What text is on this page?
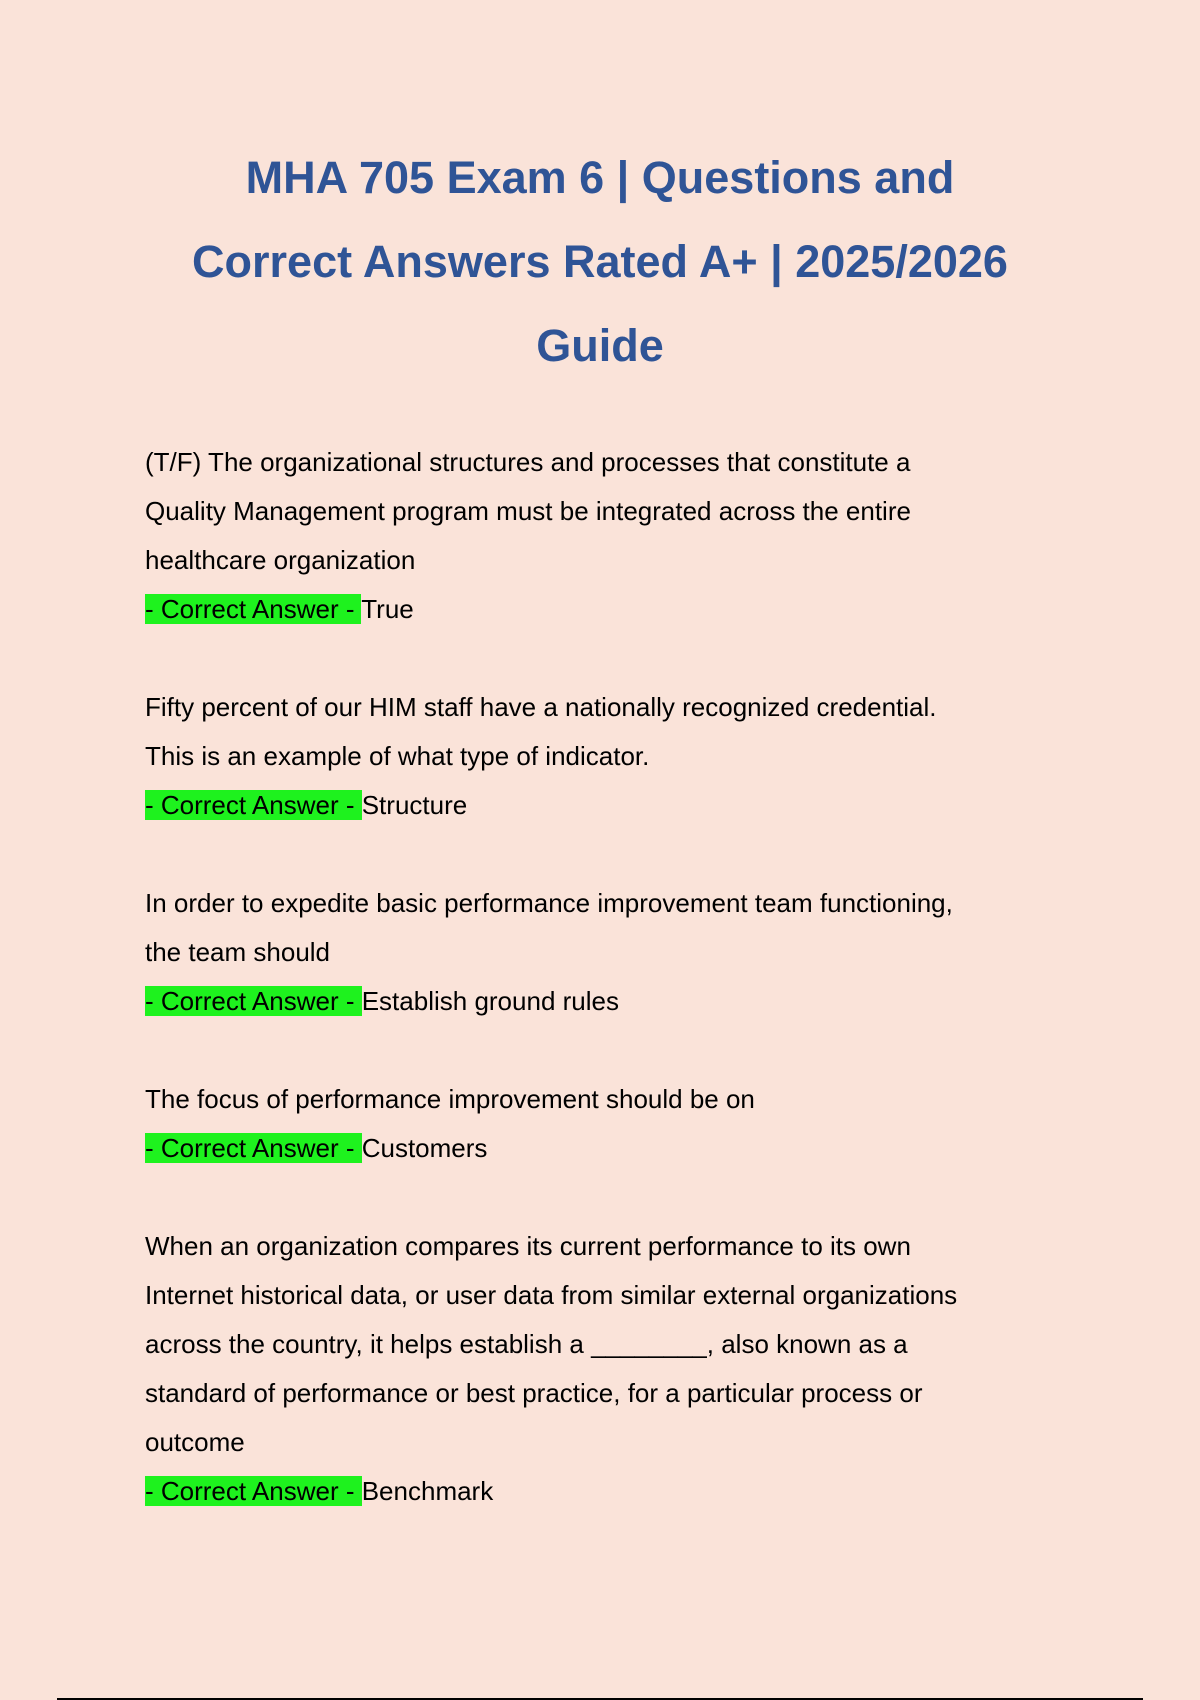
MHA 705 Exam 6 | Questions and
Correct Answers Rated A+ | 2025/2026
Guide

(T/F) The organizational structures and processes that constitute a
Quality Management program must be integrated across the entire
healthcare organization

- Correct Answer - True

Fifty percent of our HIM staff have a nationally recognized credential.
This is an example of what type of indicator.

- Correct Answer - Structure

In order to expedite basic performance improvement team functioning,
the team should

- Correct Answer - Establish ground rules

The focus of performance improvement should be on

- Correct Answer - Customers

When an organization compares its current performance to its own
Internet historical data, or user data from similar external organizations
across the country, it helps establish a ________, also known as a
standard of performance or best practice, for a particular process or
outcome

- Correct Answer - Benchmark
